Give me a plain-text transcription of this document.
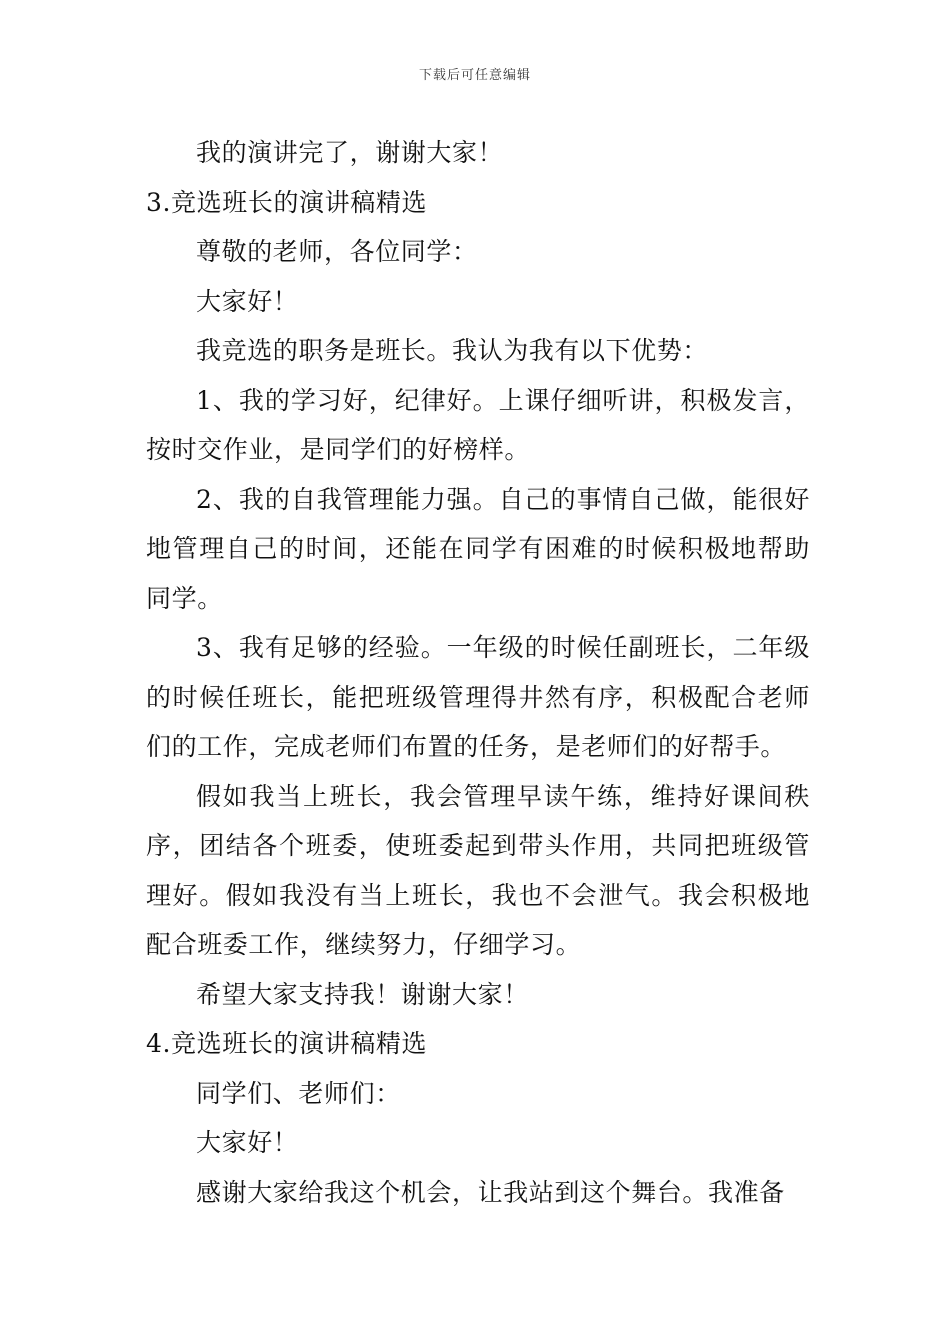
下载后可任意编辑

我的演讲完了，谢谢大家！

3.竞选班长的演讲稿精选

尊敬的老师，各位同学：

大家好！

我竞选的职务是班长。我认为我有以下优势：

1、我的学习好，纪律好。上课仔细听讲，积极发言，按时交作业，是同学们的好榜样。

2、我的自我管理能力强。自己的事情自己做，能很好地管理自己的时间，还能在同学有困难的时候积极地帮助同学。

3、我有足够的经验。一年级的时候任副班长，二年级的时候任班长，能把班级管理得井然有序，积极配合老师们的工作，完成老师们布置的任务，是老师们的好帮手。

假如我当上班长，我会管理早读午练，维持好课间秩序，团结各个班委，使班委起到带头作用，共同把班级管理好。假如我没有当上班长，我也不会泄气。我会积极地配合班委工作，继续努力，仔细学习。

希望大家支持我！谢谢大家！

4.竞选班长的演讲稿精选

同学们、老师们：

大家好！

感谢大家给我这个机会，让我站到这个舞台。我准备
